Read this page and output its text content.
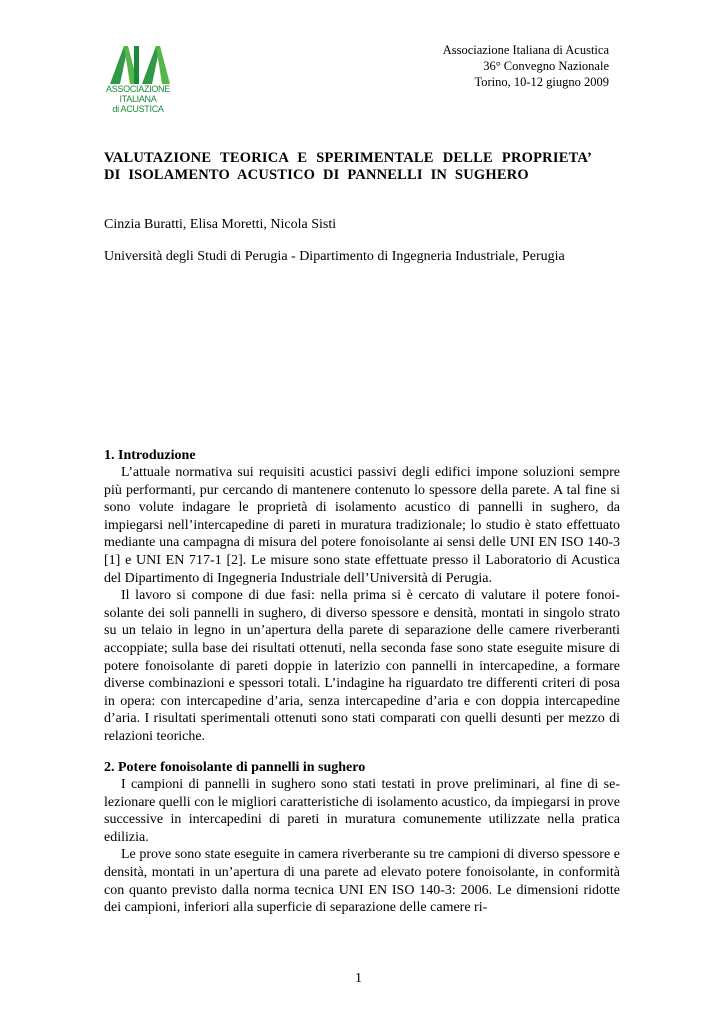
ASSOCIAZIONE
ITALIANA
di ACUSTICA
Associazione Italiana di Acustica
36° Convegno Nazionale
Torino, 10-12 giugno 2009
VALUTAZIONE TEORICA E SPERIMENTALE DELLE PROPRIETA’ DI ISOLAMENTO ACUSTICO DI PANNELLI IN SUGHERO
Cinzia Buratti, Elisa Moretti, Nicola Sisti
Università degli Studi di Perugia - Dipartimento di Ingegneria Industriale, Perugia

1. Introduzione

L’attuale normativa sui requisiti acustici passivi degli edifici impone soluzioni sempre più performanti, pur cercando di mantenere contenuto lo spessore della parete. A tal fine si sono volute indagare le proprietà di isolamento acustico di pannelli in sughero, da impiegarsi nell’intercapedine di pareti in muratura tradizionale; lo studio è stato effettuato mediante una campagna di misura del potere fonoisolante ai sensi delle UNI EN ISO 140-3 [1] e UNI EN 717-1 [2]. Le misure sono state effettuate presso il Laboratorio di Acustica del Dipartimento di Ingegneria Industriale dell’Università di Perugia.

Il lavoro si compone di due fasi: nella prima si è cercato di valutare il potere fonoisolante dei soli pannelli in sughero, di diverso spessore e densità, montati in singolo strato su un telaio in legno in un’apertura della parete di separazione delle camere riverberanti accoppiate; sulla base dei risultati ottenuti, nella seconda fase sono state eseguite misure di potere fonoisolante di pareti doppie in laterizio con pannelli in intercapedine, a formare diverse combinazioni e spessori totali. L’indagine ha riguardato tre differenti criteri di posa in opera: con intercapedine d’aria, senza intercapedine d’aria e con doppia intercapedine d’aria. I risultati sperimentali ottenuti sono stati comparati con quelli desunti per mezzo di relazioni teoriche.

2. Potere fonoisolante di pannelli in sughero

I campioni di pannelli in sughero sono stati testati in prove preliminari, al fine di selezionare quelli con le migliori caratteristiche di isolamento acustico, da impiegarsi in prove successive in intercapedini di pareti in muratura comunemente utilizzate nella pratica edilizia.

Le prove sono state eseguite in camera riverberante su tre campioni di diverso spessore e densità, montati in un’apertura di una parete ad elevato potere fonoisolante, in conformità con quanto previsto dalla norma tecnica UNI EN ISO 140-3: 2006. Le dimensioni ridotte dei campioni, inferiori alla superficie di separazione delle camere ri-

1
